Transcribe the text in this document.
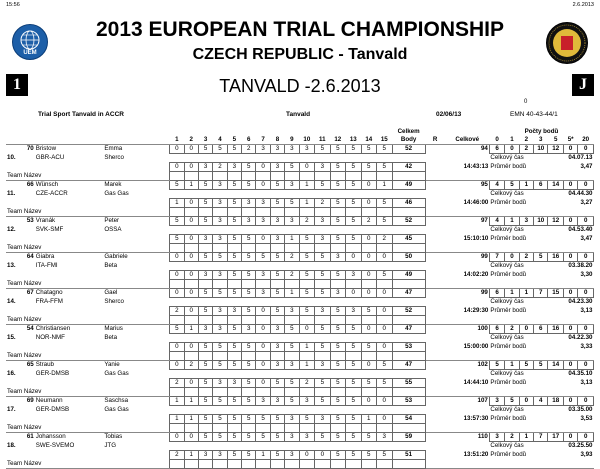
15:56	2.6.2013
UEM
2013 EUROPEAN TRIAL CHAMPIONSHIP
CZECH REPUBLIC - Tanvald
1	J
TANVALD -2.6.2013
0
Trial Sport Tanvald in ACCR	Tanvald	02/06/13	EMN 40-43-44/1
																		Celkem			Počty bodů						
			1	2	3	4	5	6	7	8	9	10	11	12	13	14	15	Body	R	Celkové	0	1	2	3	5	5*	20
70	Bristow	Emma	0	0	5	5	5	2	3	3	3	3	5	5	5	5	5	52		94	6	0	2	10	12	0	0
10.	GBR-ACU	Sherco																			Celkový čas				04.07.13		
			0	0	3	2	3	5	0	3	5	0	3	5	5	5	5	42		14:43:13	Průměr bodů				3,47		
Team Název																											
66	Wünsch	Marek	5	1	5	3	5	5	0	5	3	1	5	5	5	0	1	49		95	4	5	1	6	14	0	0
11.	CZE-ACCR	Gas Gas																			Celkový čas				04.44.30		
			1	0	5	3	5	3	3	5	5	1	2	5	5	0	5	46		14:46:00	Průměr bodů				3,27		
Team Název																											
53	Vranák	Peter	5	0	5	3	5	3	3	3	3	2	3	5	5	2	5	52		97	4	1	3	10	12	0	0
12.	SVK-SMF	OSSA																			Celkový čas				04.53.40		
			5	0	3	3	5	5	0	3	1	5	3	5	5	0	2	45		15:10:10	Průměr bodů				3,47		
Team Název																											
64	Giabra	Gabriele	0	0	5	5	5	5	5	5	2	5	5	3	0	0	0	50		99	7	0	2	5	16	0	0
13.	ITA-FMI	Beta																			Celkový čas				03.38.20		
			0	0	3	3	5	5	3	5	2	5	5	5	3	0	5	49		14:02:20	Průměr bodů				3,30		
Team Název																											
67	Chatagno	Gael	0	0	5	5	5	5	3	5	1	5	5	3	0	0	0	47		99	6	1	1	7	15	0	0
14.	FRA-FFM	Sherco																			Celkový čas				04.23.30		
			2	0	5	3	3	5	0	5	3	5	3	5	3	5	0	52		14:29:30	Průměr bodů				3,13		
Team Název																											
54	Christiansen	Marius	5	1	3	3	5	3	0	3	5	0	5	5	5	0	0	47		100	6	2	0	6	16	0	0
15.	NOR-NMF	Beta																			Celkový čas				04.22.30		
			0	0	5	5	5	5	0	3	5	1	5	5	5	5	0	53		15:00:00	Průměr bodů				3,33		
Team Název																											
65	Straub	Yanie	0	2	5	5	5	5	0	3	3	1	3	5	5	0	5	47		102	5	1	5	5	14	0	0
16.	GER-DMSB	Gas Gas																			Celkový čas				04.35.10		
			2	0	5	3	3	5	0	5	5	2	5	5	5	5	5	55		14:44:10	Průměr bodů				3,13		
Team Název																											
69	Neumann	Saschsa	1	1	5	5	5	5	3	3	5	3	5	5	5	0	0	53		107	3	5	0	4	18	0	0
17.	GER-DMSB	Gas Gas																			Celkový čas				03.35.00		
			1	1	5	5	5	5	5	5	3	5	3	5	5	1	0	54		13:57:30	Průměr bodů				3,53		
Team Název																											
61	Johansson	Tobias	0	0	5	5	5	5	5	5	3	3	5	5	5	5	3	59		110	3	2	1	7	17	0	0
18.	SWE-SVEMO	JTG																			Celkový čas				03.25.50		
			2	1	3	3	5	5	1	5	3	0	0	5	5	5	5	51		13:51:20	Průměr bodů				3,93		
Team Název																											
